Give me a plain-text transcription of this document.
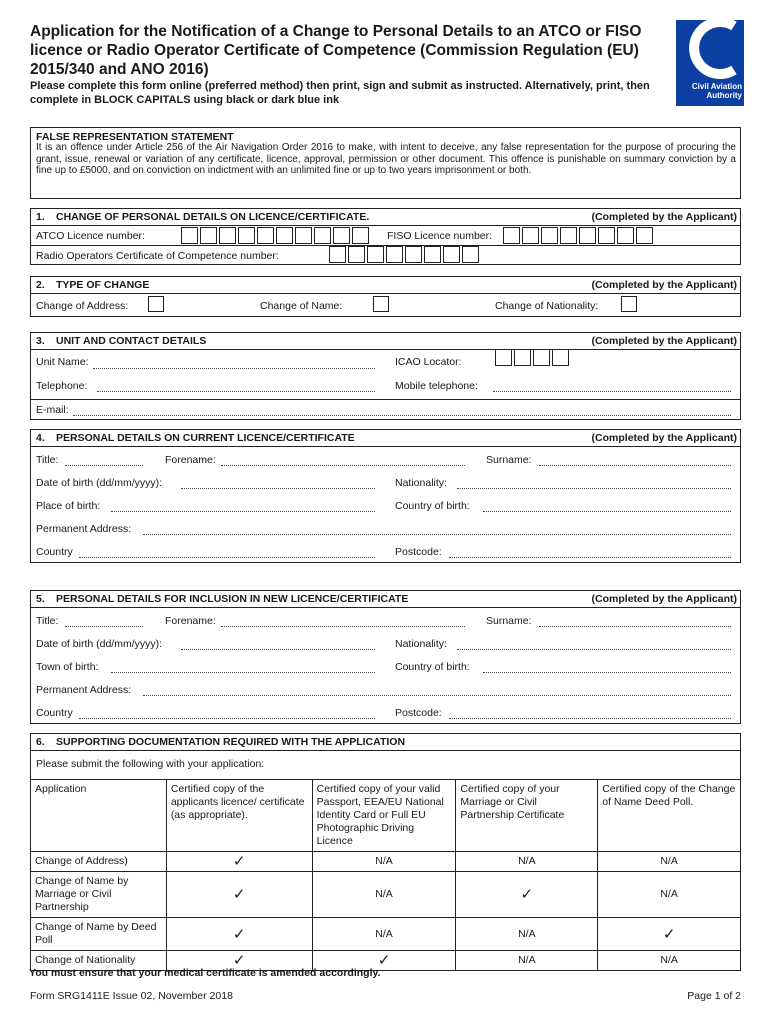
Application for the Notification of a Change to Personal Details to an ATCO or FISO licence or Radio Operator Certificate of Competence (Commission Regulation (EU) 2015/340 and ANO 2016)
Please complete this form online (preferred method) then print, sign and submit as instructed. Alternatively, print, then complete in BLOCK CAPITALS using black or dark blue ink
Civil Aviation
Authority
FALSE REPRESENTATION STATEMENT
It is an offence under Article 256 of the Air Navigation Order 2016 to make, with intent to deceive, any false representation for the purpose of procuring the grant, issue, renewal or variation of any certificate, licence, approval, permission or other document. This offence is punishable on summary conviction by a fine up to £5000, and on conviction on indictment with an unlimited fine or up to two years imprisonment or both.
1. CHANGE OF PERSONAL DETAILS ON LICENCE/CERTIFICATE.	(Completed by the Applicant)
ATCO Licence number:	FISO Licence number:
Radio Operators Certificate of Competence number:
2. TYPE OF CHANGE	(Completed by the Applicant)
Change of Address:	Change of Name:	Change of Nationality:
3. UNIT AND CONTACT DETAILS	(Completed by the Applicant)
Unit Name:	ICAO Locator:
Telephone:	Mobile telephone:
E-mail:
4. PERSONAL DETAILS ON CURRENT LICENCE/CERTIFICATE	(Completed by the Applicant)
Title:	Forename:	Surname:
Date of birth (dd/mm/yyyy):	Nationality:
Place of birth:	Country of birth:
Permanent Address:
Country	Postcode:
5. PERSONAL DETAILS FOR INCLUSION IN NEW LICENCE/CERTIFICATE	(Completed by the Applicant)
Title:	Forename:	Surname:
Date of birth (dd/mm/yyyy):	Nationality:
Town of birth:	Country of birth:
Permanent Address:
Country	Postcode:
6. SUPPORTING DOCUMENTATION REQUIRED WITH THE APPLICATION
Please submit the following with your application:
Application	Certified copy of the applicants licence/ certificate (as appropriate).	Certified copy of your valid Passport, EEA/EU National Identity Card or Full EU Photographic Driving Licence	Certified copy of your Marriage or Civil Partnership Certificate	Certified copy of the Change of Name Deed Poll.
Change of Address)	✓	N/A	N/A	N/A
Change of Name by Marriage or Civil Partnership	✓	N/A	✓	N/A
Change of Name by Deed Poll	✓	N/A	N/A	✓
Change of Nationality	✓	✓	N/A	N/A
You must ensure that your medical certificate is amended accordingly.
Form SRG1411E Issue 02, November 2018	Page 1 of 2
